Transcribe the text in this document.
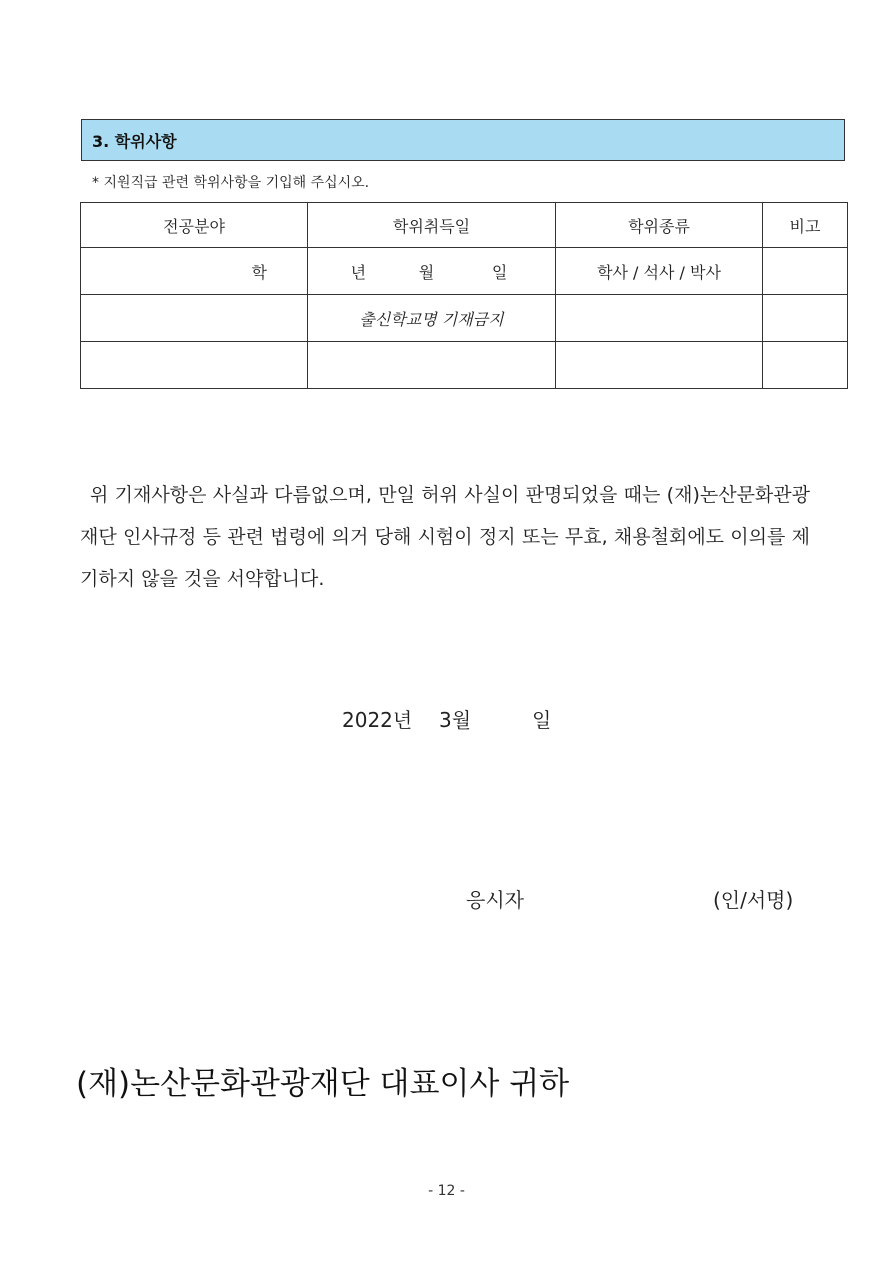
3. 학위사항
* 지원직급 관련 학위사항을 기입해 주십시오.
전공분야	학위취득일	학위종류	비고
학	년 월 일	학사 / 석사 / 박사	
	출신학교명 기재금지		

위 기재사항은 사실과 다름없으며, 만일 허위 사실이 판명되었을 때는 (재)논산문화관광재단 인사규정 등 관련 법령에 의거 당해 시험이 정지 또는 무효, 채용철회에도 이의를 제기하지 않을 것을 서약합니다.
2022년 3월	일
응시자	(인/서명)
(재)논산문화관광재단 대표이사 귀하
- 12 -
